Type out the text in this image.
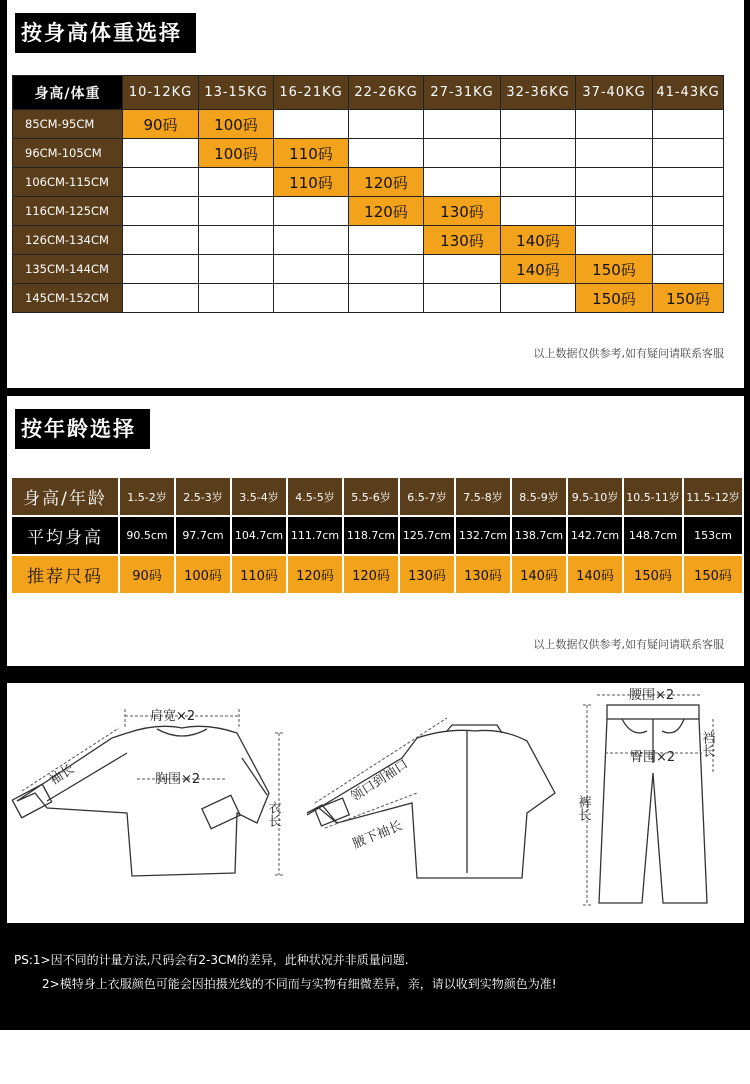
按身高体重选择
身高/体重	10-12KG	13-15KG	16-21KG	22-26KG	27-31KG	32-36KG	37-40KG	41-43KG
85CM-95CM	90码	100码						
96CM-105CM		100码	110码					
106CM-115CM			110码	120码				
116CM-125CM				120码	130码			
126CM-134CM					130码	140码		
135CM-144CM						140码	150码	
145CM-152CM							150码	150码
以上数据仅供参考,如有疑问请联系客服
按年龄选择
身高/年龄	1.5-2岁	2.5-3岁	3.5-4岁	4.5-5岁	5.5-6岁	6.5-7岁	7.5-8岁	8.5-9岁	9.5-10岁	10.5-11岁	11.5-12岁
平均身高	90.5cm	97.7cm	104.7cm	111.7cm	118.7cm	125.7cm	132.7cm	138.7cm	142.7cm	148.7cm	153cm
推荐尺码	90码	100码	110码	120码	120码	130码	130码	140码	140码	150码	150码
以上数据仅供参考,如有疑问请联系客服
肩宽×2
袖长	胸围×2
衣长
领口到袖口
腋下袖长
腰围×2
臀围×2
裆长
裤长
PS:1>因不同的计量方法,尺码会有2-3CM的差异，此种状况并非质量问题.
2>模特身上衣服颜色可能会因拍摄光线的不同而与实物有细微差异，亲，请以收到实物颜色为准!
